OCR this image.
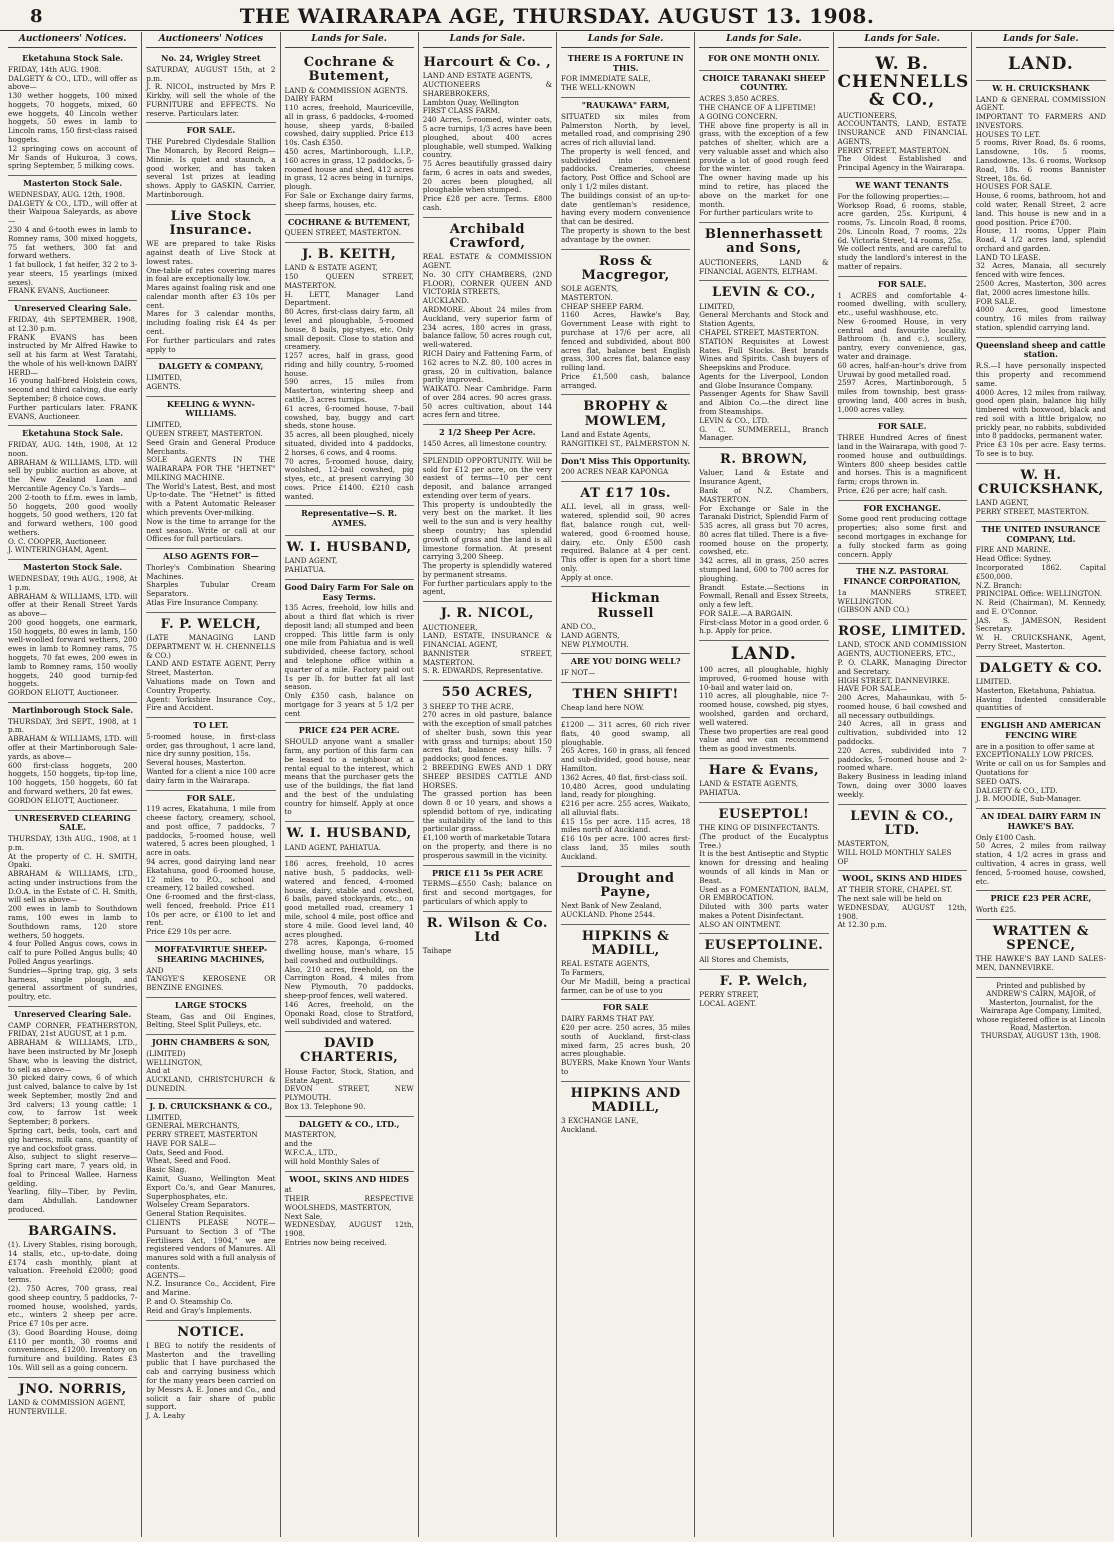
8	THE WAIRARAPA AGE, THURSDAY. AUGUST 13. 1908.
Auctioneers' Notices.
Eketahuna Stock Sale.

FRIDAY, 14th AUG. 1908.

DALGETY & CO., LTD., will offer as above—

130 wether hoggets, 100 mixed hoggets, 70 hoggets, mixed, 60 ewe hoggets, 40 Lincoln wether hoggets, 50 ewes in lamb to Lincoln rams, 150 first-class raised hoggets.

12 springing cows on account of Mr Sands of Hukuroa, 3 cows, spring September, 5 milking cows.

Masterton Stock Sale.

WEDNESDAY, AUG. 12th, 1908.

DALGETY & CO., LTD., will offer at their Waipoua Saleyards, as above—

230 4 and 6-tooth ewes in lamb to Romney rams, 300 mixed hoggets, 75 fat wethers, 300 fat and forward wethers.

1 fat bullock, 1 fat heifer, 32 2 to 3-year steers, 15 yearlings (mixed sexes).

FRANK EVANS, Auctioneer.

Unreserved Clearing Sale.

FRIDAY, 4th SEPTEMBER, 1908, at 12.30 p.m.

FRANK EVANS has been instructed by Mr Alfred Hawke to sell at his farm at West Taratahi, the whole of his well-known DAIRY HERD—

16 young half-bred Holstein cows, second and third calving, due early September; 8 choice cows.

Further particulars later. FRANK EVANS, Auctioneer.

Eketahuna Stock Sale.

FRIDAY, AUG. 14th, 1908, At 12 noon.

ABRAHAM & WILLIAMS, LTD. will sell by public auction as above, at the New Zealand Loan and Mercantile Agency Co.'s Yards—

200 2-tooth to f.f.m. ewes in lamb, 50 hoggets, 200 good woolly hoggets, 50 good wethers, 120 fat and forward wethers, 100 good wethers.

O. C. COOPER, Auctioneer.

J. WINTERINGHAM, Agent.

Masterton Stock Sale.

WEDNESDAY, 19th AUG., 1908, At 1 p.m.

ABRAHAM & WILLIAMS, LTD. will offer at their Renall Street Yards as above—

200 good hoggets, one earmark, 150 hoggets, 80 ewes in lamb, 150 well-woolled forward wethers, 200 ewes in lamb to Romney rams, 75 hoggets, 70 fat ewes, 200 ewes in lamb to Romney rams, 150 woolly hoggets, 240 good turnip-fed hoggets.

GORDON ELIOTT, Auctioneer.

Martinborough Stock Sale.

THURSDAY, 3rd SEPT., 1908, at 1 p.m.

ABRAHAM & WILLIAMS, LTD. will offer at their Martinborough Sale-yards, as above—

600 first-class hoggets, 200 hoggets, 150 hoggets, tip-top line, 100 hoggets, 150 hoggets, 60 fat and forward wethers, 20 fat ewes.

GORDON ELIOTT, Auctioneer.

UNRESERVED CLEARING SALE.

THURSDAY, 13th AUG., 1908, at 1 p.m.

At the property of C. H. SMITH, Opaki.

ABRAHAM & WILLIAMS, LTD., acting under instructions from the D.O.A. in the Estate of C. H. Smith, will sell as above—

200 ewes in lamb to Southdown rams, 100 ewes in lamb to Southdown rams, 120 store wethers, 50 hoggets.

4 four Polled Angus cows, cows in calf to pure Polled Angus bulls; 40 Polled Angus yearlings.

Sundries—Spring trap, gig, 3 sets harness, single plough, and general assortment of sundries, poultry, etc.

Unreserved Clearing Sale.

CAMP CORNER, FEATHERSTON, FRIDAY, 21st AUGUST, at 1 p.m.

ABRAHAM & WILLIAMS, LTD., have been instructed by Mr Joseph Shaw, who is leaving the district, to sell as above—

30 picked dairy cows, 6 of which just calved, balance to calve by 1st week September, mostly 2nd and 3rd calvers; 13 young cattle; 1 cow, to farrow 1st week September; 8 porkers.

Spring cart, beds, tools, cart and gig harness, milk cans, quantity of rye and cocksfoot grass.

Also, subject to slight reserve—Spring cart mare, 7 years old, in foal to Princeal Wallee. Harness gelding.

Yearling, filly—Tiber, by Pevlin, dam Abdullah. Landowner produced.

BARGAINS.

(1). Livery Stables, rising borough, 14 stalls, etc., up-to-date, doing £174 cash monthly, plant at valuation. Freehold £2000; good terms.

(2). 750 Acres, 700 grass, real good sheep country, 5 paddocks, 7-roomed house, woolshed, yards, etc., winters 2 sheep per acre. Price £7 10s per acre.

(3). Good Boarding House, doing £110 per month, 30 rooms and conveniences, £1200. Inventory on furniture and building. Rates £3 10s. Will sell as a going concern.

JNO. NORRIS,

LAND & COMMISSION AGENT,

HUNTERVILLE.

Auctioneers' Notices
No. 24, Wrigley Street

SATURDAY, AUGUST 15th, at 2 p.m.

J. R. NICOL, instructed by Mrs P. Kirkby, will sell the whole of the FURNITURE and EFFECTS. No reserve. Particulars later.

FOR SALE.

THE Purebred Clydesdale Stallion The Monarch, by Record Reign—Minnie. Is quiet and staunch, a good worker, and has taken several 1st prizes at leading shows. Apply to GASKIN, Carrier, Martinborough.

Live Stock Insurance.

WE are prepared to take Risks against death of Live Stock at lowest rates.

One-table of rates covering mares in foal are exceptionally low.

Mares against foaling risk and one calendar month after £3 10s per cent.

Mares for 3 calendar months, including foaling risk £4 4s per cent.

For further particulars and rates apply to

DALGETY & COMPANY,

LIMITED,

AGENTS.

KEELING & WYNN-WILLIAMS.

LIMITED,

QUEEN STREET, MASTERTON.

Seed Grain and General Produce Merchants.

SOLE AGENTS IN THE WAIRARAPA FOR THE "HETNET" MILKING MACHINE.

The World's Latest, Best, and most Up-to-date. The "Hetnet" is fitted with a Patent Automatic Releaser which prevents Over-milking.

Now is the time to arrange for the next season. Write or call at our Offices for full particulars.

ALSO AGENTS FOR—

Thorley's Combination Shearing Machines.

Sharples Tubular Cream Separators.

Atlas Fire Insurance Company.

F. P. WELCH,

(LATE MANAGING LAND DEPARTMENT W. H. CHENNELLS & CO.)

LAND AND ESTATE AGENT, Perry Street, Masterton.

Valuations made on Town and Country Property.

Agent: Yorkshire Insurance Coy., Fire and Accident.

TO LET.

5-roomed house, in first-class order, gas throughout, 1 acre land, nice dry sunny position, 15s.

Several houses, Masterton.

Wanted for a client a nice 100 acre dairy farm in the Wairarapa.

FOR SALE.

119 acres, Ekatahuna, 1 mile from cheese factory, creamery, school, and post office, 7 paddocks, 7 paddocks, 5-roomed house, well watered, 5 acres been ploughed, 1 acre in oats.

94 acres, good dairying land near Ekatahuna, good 6-roomed house, 12 miles to P.O., school and creamery, 12 bailed cowshed.

One 6-roomed and the first-class, well fenced, freehold. Price £11 10s per acre, or £100 to let and rent.

Price £29 10s per acre.

MOFFAT-VIRTUE SHEEP-SHEARING MACHINES,

AND

TANGYE'S KEROSENE OR BENZINE ENGINES.

LARGE STOCKS

Steam, Gas and Oil Engines, Belting, Steel Split Pulleys, etc.

JOHN CHAMBERS & SON,

(LIMITED)

WELLINGTON,

And at

AUCKLAND, CHRISTCHURCH & DUNEDIN.

J. D. CRUICKSHANK & CO.,

LIMITED,

GENERAL MERCHANTS,

PERRY STREET, MASTERTON

HAVE FOR SALE—

Oats, Seed and Food.

Wheat, Seed and Food.

Basic Slag.

Kainit, Guano, Wellington Meat Export Co.'s, and Gear Manures, Superphosphates, etc.

Wolseley Cream Separators.

General Station Requisites.

CLIENTS PLEASE NOTE—Pursuant to Section 3 of "The Fertilisers Act, 1904," we are registered vendors of Manures. All manures sold with a full analysis of contents.

AGENTS—

N.Z. Insurance Co., Accident, Fire and Marine.

P. and O. Steamship Co.

Reid and Gray's Implements.

NOTICE.

I BEG to notify the residents of Masterton and the travelling public that I have purchased the cab and carrying business which for the many years been carried on by Messrs A. E. Jones and Co., and solicit a fair share of public support.

J. A. Leahy

Lands for Sale.
Cochrane & Butement,

LAND & COMMISSION AGENTS.

DAIRY FARM

110 acres, freehold, Mauriceville, all in grass, 6 paddocks, 4-roomed house, sheep yards, 8-bailed cowshed, dairy supplied. Price £13 10s. Cash £350.

450 acres, Martinborough, L.I.P., 160 acres in grass, 12 paddocks, 5-roomed house and shed, 412 acres in grass, 12 acres being in turnips, plough.

For Sale or Exchange dairy farms, sheep farms, houses, etc.

COCHRANE & BUTEMENT,

QUEEN STREET, MASTERTON.

J. B. KEITH,

LAND & ESTATE AGENT,

150 QUEEN STREET, MASTERTON.

H. LETT, Manager Land Department.

80 Acres, first-class dairy farm, all level and ploughable, 5-roomed house, 8 bails, pig-styes, etc. Only small deposit. Close to station and creamery.

1257 acres, half in grass, good riding and hilly country, 5-roomed house.

590 acres, 15 miles from Masterton, wintering sheep and cattle, 3 acres turnips.

61 acres, 6-roomed house, 7-bail cowshed, bay, buggy and cart sheds, stone house.

35 acres, all been ploughed, nicely situated, divided into 4 paddocks, 2 horses, 6 cows, and 4 rooms.

70 acres, 5-roomed house, dairy, woolshed, 12-bail cowshed, pig styes, etc., at present carrying 30 cows. Price £1400. £210 cash wanted.

Representative—S. R. AYMES.
W. I. HUSBAND,

LAND AGENT,

PAHIATUA.

Good Dairy Farm For Sale on Easy Terms.

135 Acres, freehold, low hills and about a third flat which is river deposit land; all stumped and been cropped. This little farm is only one mile from Pahiatua and is well subdivided, cheese factory, school and telephone office within a quarter of a mile. Factory paid out 1s per lb. for butter fat all last season.

Only £350 cash, balance on mortgage for 3 years at 5 1/2 per cent

PRICE £24 PER ACRE.

SHOULD anyone want a smaller farm, any portion of this farm can be leased to a neighbour at a rental equal to the interest, which means that the purchaser gets the use of the buildings, the flat land and the best of the undulating country for himself. Apply at once to

W. I. HUSBAND,

LAND AGENT, PAHIATUA.

186 acres, freehold, 10 acres native bush, 5 paddocks, well-watered and fenced, 4-roomed house, dairy, stable and cowshed, 6 bails, paved stockyards, etc., on good metalled road, creamery 1 mile, school 4 mile, post office and store 4 mile. Good level land, 40 acres ploughed.

278 acres, Kaponga, 6-roomed dwelling house, man's whare, 15 bail cowshed and outbuildings.

Also, 210 acres, freehold, on the Carrington Road, 4 miles from New Plymouth, 70 paddocks, sheep-proof fences, well watered.

146 Acres, freehold, on the Oponaki Road, close to Stratford, well subdivided and watered.

DAVID CHARTERIS,

House Factor, Stock, Station, and Estate Agent.

DEVON STREET, NEW PLYMOUTH.

Box 13. Telephone 90.

DALGETY & CO., LTD.,

MASTERTON,

and the

W.F.C.A., LTD.,

will hold Monthly Sales of

WOOL, SKINS AND HIDES

at

THEIR RESPECTIVE WOOLSHEDS, MASTERTON,

Next Sale,

WEDNESDAY, AUGUST 12th, 1908.

Entries now being received.

Lands for Sale.
Harcourt & Co. ,

LAND AND ESTATE AGENTS,

AUCTIONEERS & SHAREBROKERS,

Lambton Quay, Wellington

FIRST CLASS FARM.

240 Acres, 5-roomed, winter oats, 5 acre turnips, 1/3 acres have been ploughed, about 400 acres ploughable, well stumped. Walking country.

75 Acres beautifully grassed dairy farm, 6 acres in oats and swedes, 20 acres been ploughed, all ploughable when stumped.

Price £28 per acre. Terms. £800 cash.

Archibald Crawford,

REAL ESTATE & COMMISSION AGENT.

No. 30 CITY CHAMBERS, (2ND FLOOR), CORNER QUEEN AND VICTORIA STREETS,

AUCKLAND.

ARDMORE. About 24 miles from Auckland, very superior farm of 234 acres, 180 acres in grass, balance fallow, 50 acres rough cut, well-watered.

RICH Dairy and Fattening Farm, of 162 acres to N.Z. 80, 100 acres in grass, 20 in cultivation, balance partly improved.

WAIKATO. Near Cambridge. Farm of over 284 acres. 90 acres grass. 50 acres cultivation, about 144 acres fern and titree.

2 1/2 Sheep Per Acre.

1450 Acres, all limestone country.

SPLENDID OPPORTUNITY. Will be sold for £12 per acre, on the very easiest of terms—10 per cent deposit, and balance arranged extending over term of years.

This property is undoubtedly the very best on the market. It lies well to the sun and is very healthy sheep country; has splendid growth of grass and the land is all limestone formation. At present carrying 3,200 Sheep.

The property is splendidly watered by permanent streams.

For further particulars apply to the agent,

J. R. NICOL,

AUCTIONEER,

LAND, ESTATE, INSURANCE & FINANCIAL AGENT,

BANNISTER STREET, MASTERTON.

S. R. EDWARDS, Representative.

550 ACRES,

3 SHEEP TO THE ACRE.

270 acres in old pasture, balance with the exception of small patches of shelter bush, sown this year with grass and turnips; about 150 acres flat, balance easy hills. 7 paddocks; good fences.

2 BREEDING EWES AND 1 DRY SHEEP BESIDES CATTLE AND HORSES.

The grassed portion has been down 8 or 10 years, and shows a splendid bottom of rye, indicating the suitability of the land to this particular grass.

£1,100 worth of marketable Totara

on the property, and there is no prosperous sawmill in the vicinity.

PRICE £11 5s PER ACRE

TERMS—£550 Cash; balance on first and second mortgages, for particulars of which apply to

R. Wilson & Co. Ltd

Taihape

Lands for Sale.
THERE IS A FORTUNE IN THIS.

FOR IMMEDIATE SALE,

THE WELL-KNOWN

"RAUKAWA" FARM,

SITUATED six miles from Palmerston North, by level, metalled road, and comprising 290 acres of rich alluvial land.

The property is well fenced, and subdivided into convenient paddocks. Creameries, cheese factory, Post Office and School are only 1 1/2 miles distant.

The buildings consist of an up-to-date gentleman's residence, having every modern convenience that can be desired.

The property is shown to the best advantage by the owner.

Ross & Macgregor,

SOLE AGENTS,

MASTERTON.

CHEAP SHEEP FARM.

1160 Acres, Hawke's Bay, Government Lease with right to purchase at 17/6 per acre, all fenced and subdivided, about 800 acres flat, balance best English grass, 300 acres flat, balance easy rolling land.

Price £1,500 cash, balance arranged.

BROPHY & MOWLEM,

Land and Estate Agents,

RANGITIKEI ST., PALMERSTON N.

Don't Miss This Opportunity.

200 ACRES NEAR KAPONGA

AT £17 10s.

ALL level, all in grass, well-watered, splendid soil, 90 acres flat, balance rough cut, well-watered, good 6-roomed house, dairy, etc. Only £500 cash required. Balance at 4 per cent. This offer is open for a short time only.

Apply at once.

Hickman Russell

AND CO.,

LAND AGENTS,

NEW PLYMOUTH.

ARE YOU DOING WELL?

IF NOT—

THEN SHIFT!

Cheap land here NOW.

£1200 — 311 acres, 60 rich river flats, 40 good swamp, all ploughable.

265 Acres, 160 in grass, all fenced and sub-divided, good house, near Hamilton.

1362 Acres, 40 flat, first-class soil.

10,480 Acres, good undulating land, ready for ploughing.

£216 per acre. 255 acres, Waikato, all alluvial flats.

£15 15s per acre. 115 acres, 18 miles north of Auckland.

£16 10s per acre. 100 acres first-class land, 35 miles south Auckland.

Drought and Payne,

Next Bank of New Zealand,

AUCKLAND. Phone 2544.

HIPKINS & MADILL,

REAL ESTATE AGENTS,

To Farmers,

Our Mr Madill, being a practical farmer, can be of use to you

FOR SALE

DAIRY FARMS THAT PAY.

£20 per acre. 250 acres, 35 miles south of Auckland, first-class mixed farm, 25 acres bush, 20 acres ploughable.

BUYERS, Make Known Your Wants to

HIPKINS AND MADILL,

3 EXCHANGE LANE,

Auckland.

Lands for Sale.
FOR ONE MONTH ONLY.
CHOICE TARANAKI SHEEP COUNTRY.

ACRES 3,850 ACRES.

THE CHANCE OF A LIFETIME!

A GOING CONCERN.

THE above fine property is all in grass, with the exception of a few patches of shelter, which are a very valuable asset and which also provide a lot of good rough feed for the winter.

The owner having made up his mind to retire, has placed the above on the market for one month.

For further particulars write to

Blennerhassett and Sons,

AUCTIONEERS, LAND & FINANCIAL AGENTS, ELTHAM.

LEVIN & CO.,

LIMITED,

General Merchants and Stock and Station Agents,

CHAPEL STREET, MASTERTON.

STATION Requisites at Lowest Rates. Full Stocks. Best brands Wines and Spirits. Cash buyers of Sheepskins and Produce.

Agents for the Liverpool, London and Globe Insurance Company.

Passenger Agents for Shaw Savill and Albion Co.—the direct line from Steamships.

LEVIN & CO., LTD.

G. C. SUMMERELL, Branch Manager.

R. BROWN,

Valuer, Land & Estate and Insurance Agent,

Bank of N.Z. Chambers, MASTERTON.

For Exchange or Sale in the Taranaki District, Splendid Farm of

535 acres, all grass but 70 acres, 80 acres flat tilled. There is a five-roomed house on the property, cowshed, etc.

342 acres, all in grass, 250 acres stumped land, 600 to 700 acres for ploughing.

Brandt Estate.—Sections in Fowmall, Renall and Essex Streets, only a few left.

FOR SALE.—A BARGAIN.

First-class Motor in a good order. 6 h.p. Apply for price.

LAND.

100 acres, all ploughable, highly improved, 6-roomed house with 10-bail and water laid on.

110 acres, all ploughable, nice 7-roomed house, cowshed, pig styes, woolshed, garden and orchard, well watered.

These two properties are real good value and we can recommend them as good investments.

Hare & Evans,

LAND & ESTATE AGENTS,

PAHIATUA.

EUSEPTOL!

THE KING OF DISINFECTANTS.

(The product of the Eucalyptus Tree.)

It is the best Antiseptic and Styptic known for dressing and healing wounds of all kinds in Man or Beast.

Used as a FOMENTATION, BALM, OR EMBROCATION.

Diluted with 300 parts water makes a Potent Disinfectant.

ALSO AN OINTMENT.

EUSEPTOLINE.

All Stores and Chemists,

F. P. Welch,

PERRY STREET,

LOCAL AGENT.

Lands for Sale.
W. B. CHENNELLS & CO.,

AUCTIONEERS,

ACCOUNTANTS, LAND, ESTATE INSURANCE AND FINANCIAL AGENTS,

PERRY STREET, MASTERTON.

The Oldest Established and Principal Agency in the Wairarapa.

WE WANT TENANTS

For the following properties:—

Worksop Road, 6 rooms, stable, acre garden, 25s. Kuripuni, 4 rooms, 7s. Lincoln Road, 8 rooms, 20s. Lincoln Road, 7 rooms, 22s 6d. Victoria Street, 14 rooms, 25s.

We collect rents, and are careful to study the landlord's interest in the matter of repairs.

FOR SALE.

1 ACRES and comfortable 4-roomed dwelling, with scullery, etc., useful washhouse, etc.

New 6-roomed House, in very central and favourite locality. Bathroom (h. and c.), scullery, pantry, every convenience, gas, water and drainage.

60 acres, half-an-hour's drive from Uruwai by good metalled road.

2597 Acres, Martinborough, 5 miles from township, best grass-growing land, 400 acres in bush, 1,000 acres valley.

FOR SALE.

THREE Hundred Acres of finest land in the Wairarapa, with good 7-roomed house and outbuildings. Winters 800 sheep besides cattle and horses. This is a magnificent farm; crops thrown in.

Price, £26 per acre; half cash.

FOR EXCHANGE.

Some good rent producing cottage properties; also some first and second mortgages in exchange for a fully stocked farm as going concern. Apply

THE N.Z. PASTORAL FINANCE CORPORATION,

1a MANNERS STREET, WELLINGTON.

(GIBSON AND CO.)

ROSE, LIMITED.

LAND, STOCK AND COMMISSION AGENTS, AUCTIONEERS, ETC.,

P. O. CLARK, Managing Director and Secretary.

HIGH STREET, DANNEVIRKE.

HAVE FOR SALE—

200 Acres, Mahaunkau, with 5-roomed house, 6 bail cowshed and all necessary outbuildings.

240 Acres, all in grass and cultivation, subdivided into 12 paddocks.

220 Acres, subdivided into 7 paddocks, 5-roomed house and 2-roomed whare.

Bakery Business in leading inland Town, doing over 3000 loaves weekly.

LEVIN & CO., LTD.

MASTERTON,

WILL HOLD MONTHLY SALES

OF

WOOL, SKINS AND HIDES

AT THEIR STORE, CHAPEL ST.

The next sale will be held on

WEDNESDAY, AUGUST 12th, 1908.

At 12.30 p.m.

Lands for Sale.
LAND.
W. H. CRUICKSHANK

LAND & GENERAL COMMISSION AGENT.

IMPORTANT TO FARMERS AND INVESTORS.

HOUSES TO LET.

5 rooms, River Road, 8s. 6 rooms, Lansdowne, 10s. 5 rooms, Lansdowne, 13s. 6 rooms, Worksop Road, 18s. 6 rooms Bannister Street, 18s. 6d.

HOUSES FOR SALE.

House, 6 rooms, bathroom, hot and cold water, Renall Street, 2 acre land. This house is new and in a good position. Price £700.

House, 11 rooms, Upper Plain Road, 4 1/2 acres land, splendid orchard and garden.

LAND TO LEASE.

32 Acres, Manaia, all securely fenced with wire fences.

2500 Acres, Masterton, 300 acres flat, 2000 acres limestone hills.

FOR SALE.

4000 Acres, good limestone country, 16 miles from railway station, splendid carrying land.

Queensland sheep and cattle station.

R.S.—I have personally inspected this property and recommend same.

4000 Acres, 12 miles from railway, good open plain, balance hig hilly timbered with boxwood, black and red soil with a little brigalow, no prickly pear, no rabbits, subdivided into 8 paddocks, permanent water.

Price £3 10s per acre. Easy terms. To see is to buy.

W. H. CRUICKSHANK,

LAND AGENT,

PERRY STREET, MASTERTON.

THE UNITED INSURANCE COMPANY, Ltd.

FIRE AND MARINE.

Head Office: Sydney.

Incorporated 1862. Capital £500,000.

N.Z. Branch:

PRINCIPAL Office: WELLINGTON.

N. Reid (Chairman), M. Kennedy, and E. O'Connor.

JAS. S. JAMESON, Resident Secretary.

W. H. CRUICKSHANK, Agent, Perry Street, Masterton.

DALGETY & CO.

LIMITED.

Masterton, Eketahuna, Pahiatua.

Having Indented considerable quantities of

ENGLISH AND AMERICAN FENCING WIRE

are in a position to offer same at

EXCEPTIONALLY LOW PRICES.

Write or call on us for Samples and Quotations for

SEED OATS.

DALGETY & CO., LTD.

J. B. MOODIE, Sub-Manager.

AN IDEAL DAIRY FARM IN HAWKE'S BAY.

Only £100 Cash.

50 Acres, 2 miles from railway station, 4 1/2 acres in grass and cultivation, 4 acres in grass, well fenced, 5-roomed house, cowshed, etc.

PRICE £23 PER ACRE,

Worth £25.

WRATTEN & SPENCE,

THE HAWKE'S BAY LAND SALES-MEN, DANNEVIRKE.

Printed and published by ANDREW'S CAIRN, MAJOR, of Masterton, Journalist, for the Wairarapa Age Company, Limited, whose registered office is at Lincoln Road, Masterton.

THURSDAY, AUGUST 13th, 1908.
